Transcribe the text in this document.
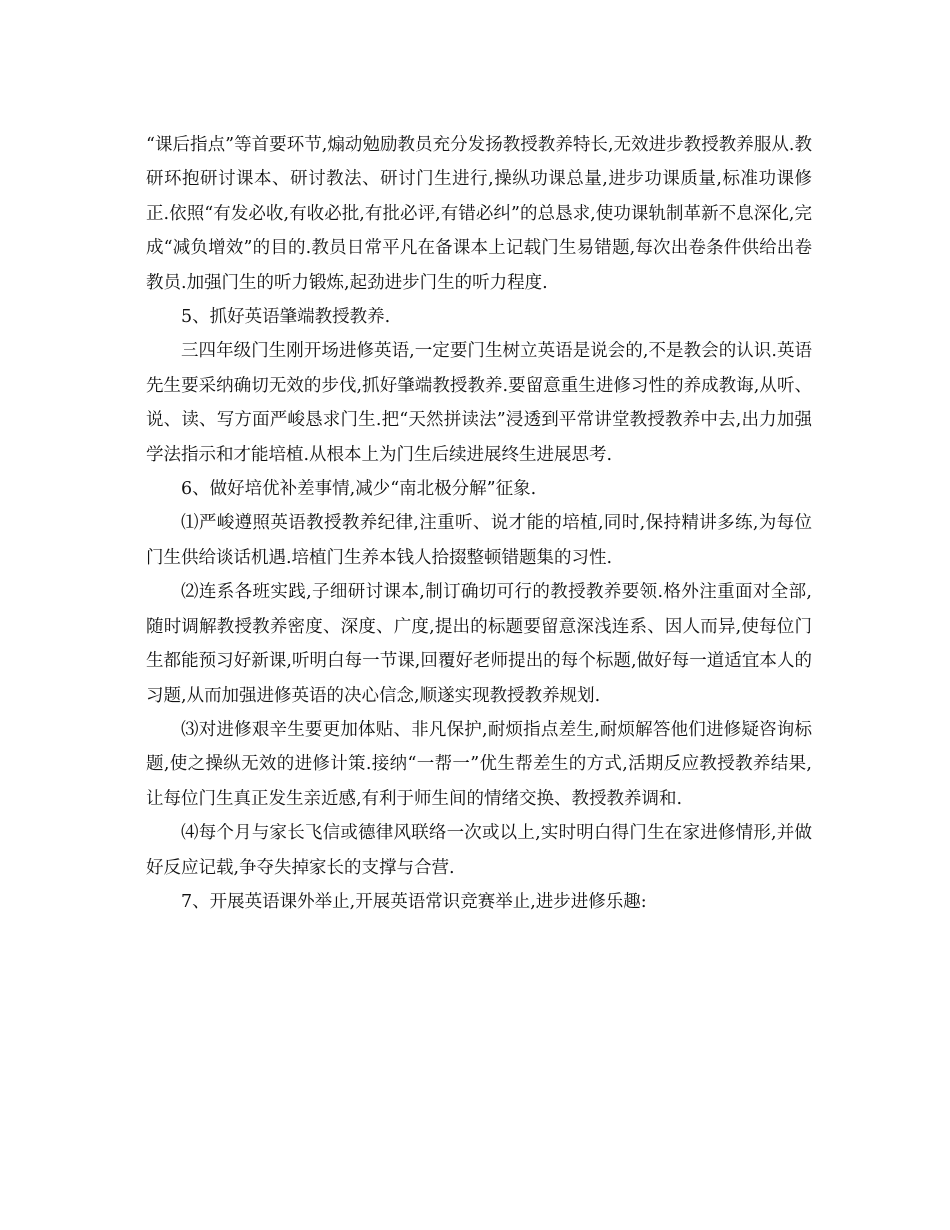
“课后指点”等首要环节,煽动勉励教员充分发扬教授教养特长,无效进步教授教养服从.教研环抱研讨课本、研讨教法、研讨门生进行,操纵功课总量,进步功课质量,标准功课修正.依照“有发必收,有收必批,有批必评,有错必纠”的总恳求,使功课轨制革新不息深化,完成“减负增效”的目的.教员日常平凡在备课本上记载门生易错题,每次出卷条件供给出卷教员.加强门生的听力锻炼,起劲进步门生的听力程度.

5、抓好英语肇端教授教养.

三四年级门生刚开场进修英语,一定要门生树立英语是说会的,不是教会的认识.英语先生要采纳确切无效的步伐,抓好肇端教授教养.要留意重生进修习性的养成教诲,从听、说、读、写方面严峻恳求门生.把“天然拼读法”浸透到平常讲堂教授教养中去,出力加强学法指示和才能培植.从根本上为门生后续进展终生进展思考.

6、做好培优补差事情,减少“南北极分解”征象.

⑴严峻遵照英语教授教养纪律,注重听、说才能的培植,同时,保持精讲多练,为每位门生供给谈话机遇.培植门生养本钱人拾掇整顿错题集的习性.

⑵连系各班实践,子细研讨课本,制订确切可行的教授教养要领.格外注重面对全部,随时调解教授教养密度、深度、广度,提出的标题要留意深浅连系、因人而异,使每位门生都能预习好新课,听明白每一节课,回覆好老师提出的每个标题,做好每一道适宜本人的习题,从而加强进修英语的决心信念,顺遂实现教授教养规划.

⑶对进修艰辛生要更加体贴、非凡保护,耐烦指点差生,耐烦解答他们进修疑咨询标题,使之操纵无效的进修计策.接纳“一帮一”优生帮差生的方式,活期反应教授教养结果,让每位门生真正发生亲近感,有利于师生间的情绪交换、教授教养调和.

⑷每个月与家长飞信或德律风联络一次或以上,实时明白得门生在家进修情形,并做好反应记载,争夺失掉家长的支撑与合营.

7、开展英语课外举止,开展英语常识竞赛举止,进步进修乐趣:
